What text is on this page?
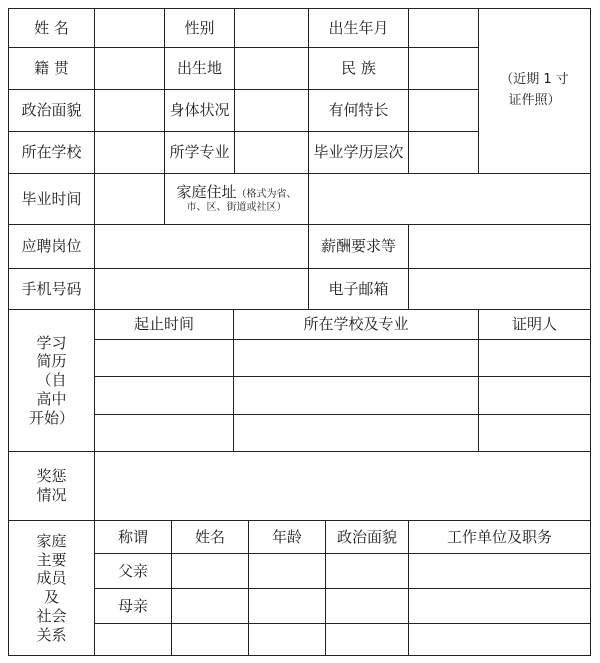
姓 名	性别	出生年月
（近期 1 寸
证件照）
籍 贯	出生地	民 族
政治面貌	身体状况	有何特长
所在学校	所学专业	毕业学历层次
毕业时间	家庭住址（格式为省、
市、区、街道或社区）
应聘岗位	薪酬要求等
手机号码	电子邮箱
学习
简历
（自
高中
开始）
起止时间	所在学校及专业	证明人
奖惩
情况
家庭
主要
成员
及
社会
关系
称谓	姓名	年龄	政治面貌	工作单位及职务
父亲
母亲
